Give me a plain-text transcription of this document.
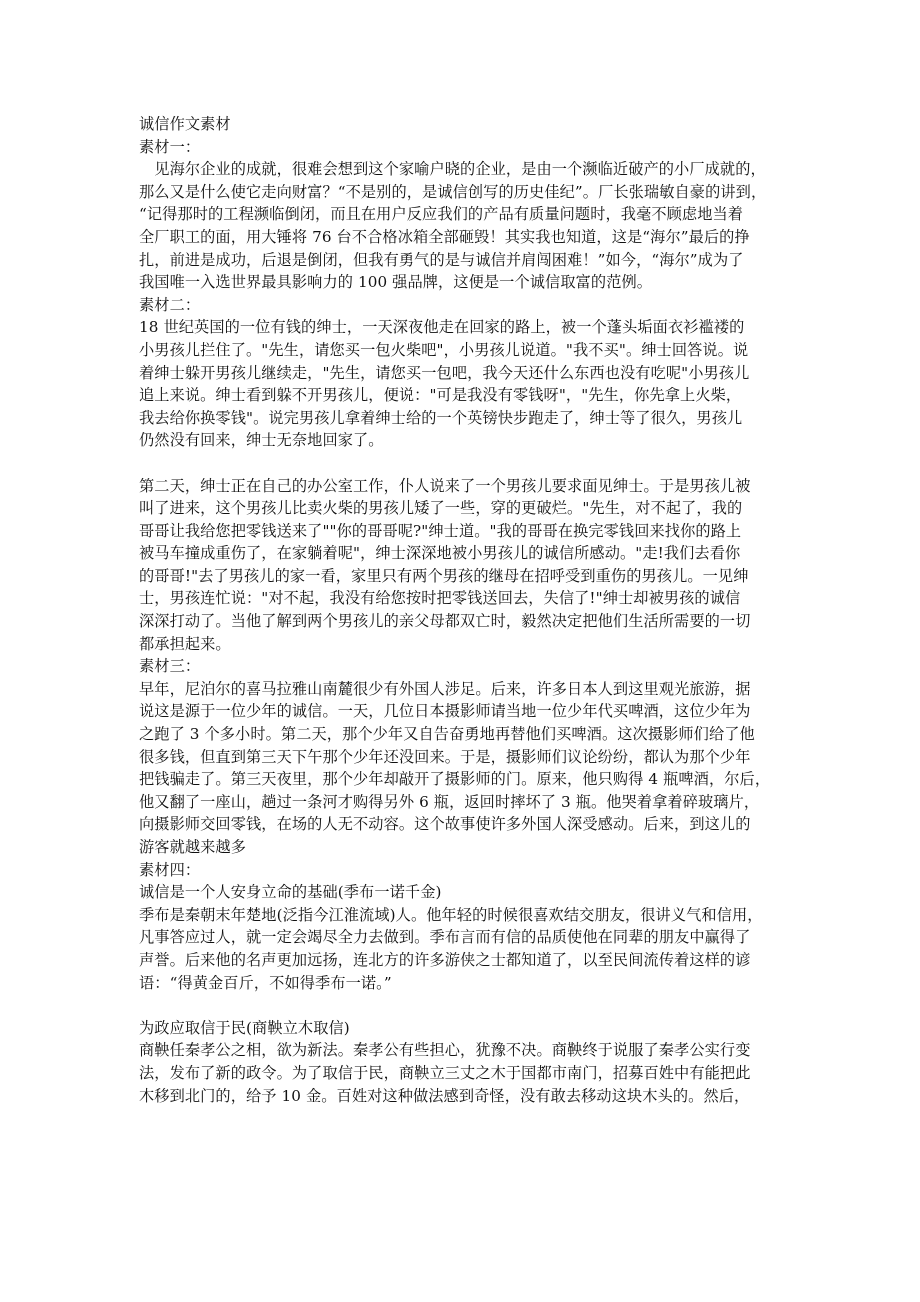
诚信作文素材
素材一：
　见海尔企业的成就，很难会想到这个家喻户晓的企业，是由一个濒临近破产的小厂成就的，
那么又是什么使它走向财富？“不是别的，是诚信创写的历史佳纪”。厂长张瑞敏自豪的讲到，
“记得那时的工程濒临倒闭，而且在用户反应我们的产品有质量问题时，我毫不顾虑地当着
全厂职工的面，用大锤将 76 台不合格冰箱全部砸毁！其实我也知道，这是“海尔”最后的挣
扎，前进是成功，后退是倒闭，但我有勇气的是与诚信并肩闯困难！”如今，“海尔”成为了
我国唯一入选世界最具影响力的 100 强品牌，这便是一个诚信取富的范例。
素材二：
18 世纪英国的一位有钱的绅士，一天深夜他走在回家的路上，被一个蓬头垢面衣衫褴褛的
小男孩儿拦住了。"先生，请您买一包火柴吧"，小男孩儿说道。"我不买"。绅士回答说。说
着绅士躲开男孩儿继续走，"先生，请您买一包吧，我今天还什么东西也没有吃呢"小男孩儿
追上来说。绅士看到躲不开男孩儿，便说："可是我没有零钱呀"，"先生，你先拿上火柴，
我去给你换零钱"。说完男孩儿拿着绅士给的一个英镑快步跑走了，绅士等了很久，男孩儿
仍然没有回来，绅士无奈地回家了。
第二天，绅士正在自己的办公室工作，仆人说来了一个男孩儿要求面见绅士。于是男孩儿被
叫了进来，这个男孩儿比卖火柴的男孩儿矮了一些，穿的更破烂。"先生，对不起了，我的
哥哥让我给您把零钱送来了""你的哥哥呢?"绅士道。"我的哥哥在换完零钱回来找你的路上
被马车撞成重伤了，在家躺着呢"，绅士深深地被小男孩儿的诚信所感动。"走!我们去看你
的哥哥!"去了男孩儿的家一看，家里只有两个男孩的继母在招呼受到重伤的男孩儿。一见绅
士，男孩连忙说："对不起，我没有给您按时把零钱送回去，失信了!"绅士却被男孩的诚信
深深打动了。当他了解到两个男孩儿的亲父母都双亡时，毅然决定把他们生活所需要的一切
都承担起来。
素材三：
早年，尼泊尔的喜马拉雅山南麓很少有外国人涉足。后来，许多日本人到这里观光旅游，据
说这是源于一位少年的诚信。一天，几位日本摄影师请当地一位少年代买啤酒，这位少年为
之跑了 3 个多小时。第二天，那个少年又自告奋勇地再替他们买啤酒。这次摄影师们给了他
很多钱，但直到第三天下午那个少年还没回来。于是，摄影师们议论纷纷，都认为那个少年
把钱骗走了。第三天夜里，那个少年却敲开了摄影师的门。原来，他只购得 4 瓶啤酒，尔后，
他又翻了一座山，趟过一条河才购得另外 6 瓶，返回时摔坏了 3 瓶。他哭着拿着碎玻璃片，
向摄影师交回零钱，在场的人无不动容。这个故事使许多外国人深受感动。后来，到这儿的
游客就越来越多
素材四：
诚信是一个人安身立命的基础(季布一诺千金)
季布是秦朝末年楚地(泛指今江淮流域)人。他年轻的时候很喜欢结交朋友，很讲义气和信用，
凡事答应过人，就一定会竭尽全力去做到。季布言而有信的品质使他在同辈的朋友中赢得了
声誉。后来他的名声更加远扬，连北方的许多游侠之士都知道了，以至民间流传着这样的谚
语：“得黄金百斤，不如得季布一诺。”
为政应取信于民(商鞅立木取信)
商鞅任秦孝公之相，欲为新法。秦孝公有些担心，犹豫不决。商鞅终于说服了秦孝公实行变
法，发布了新的政令。为了取信于民，商鞅立三丈之木于国都市南门，招募百姓中有能把此
木移到北门的，给予 10 金。百姓对这种做法感到奇怪，没有敢去移动这块木头的。然后，
